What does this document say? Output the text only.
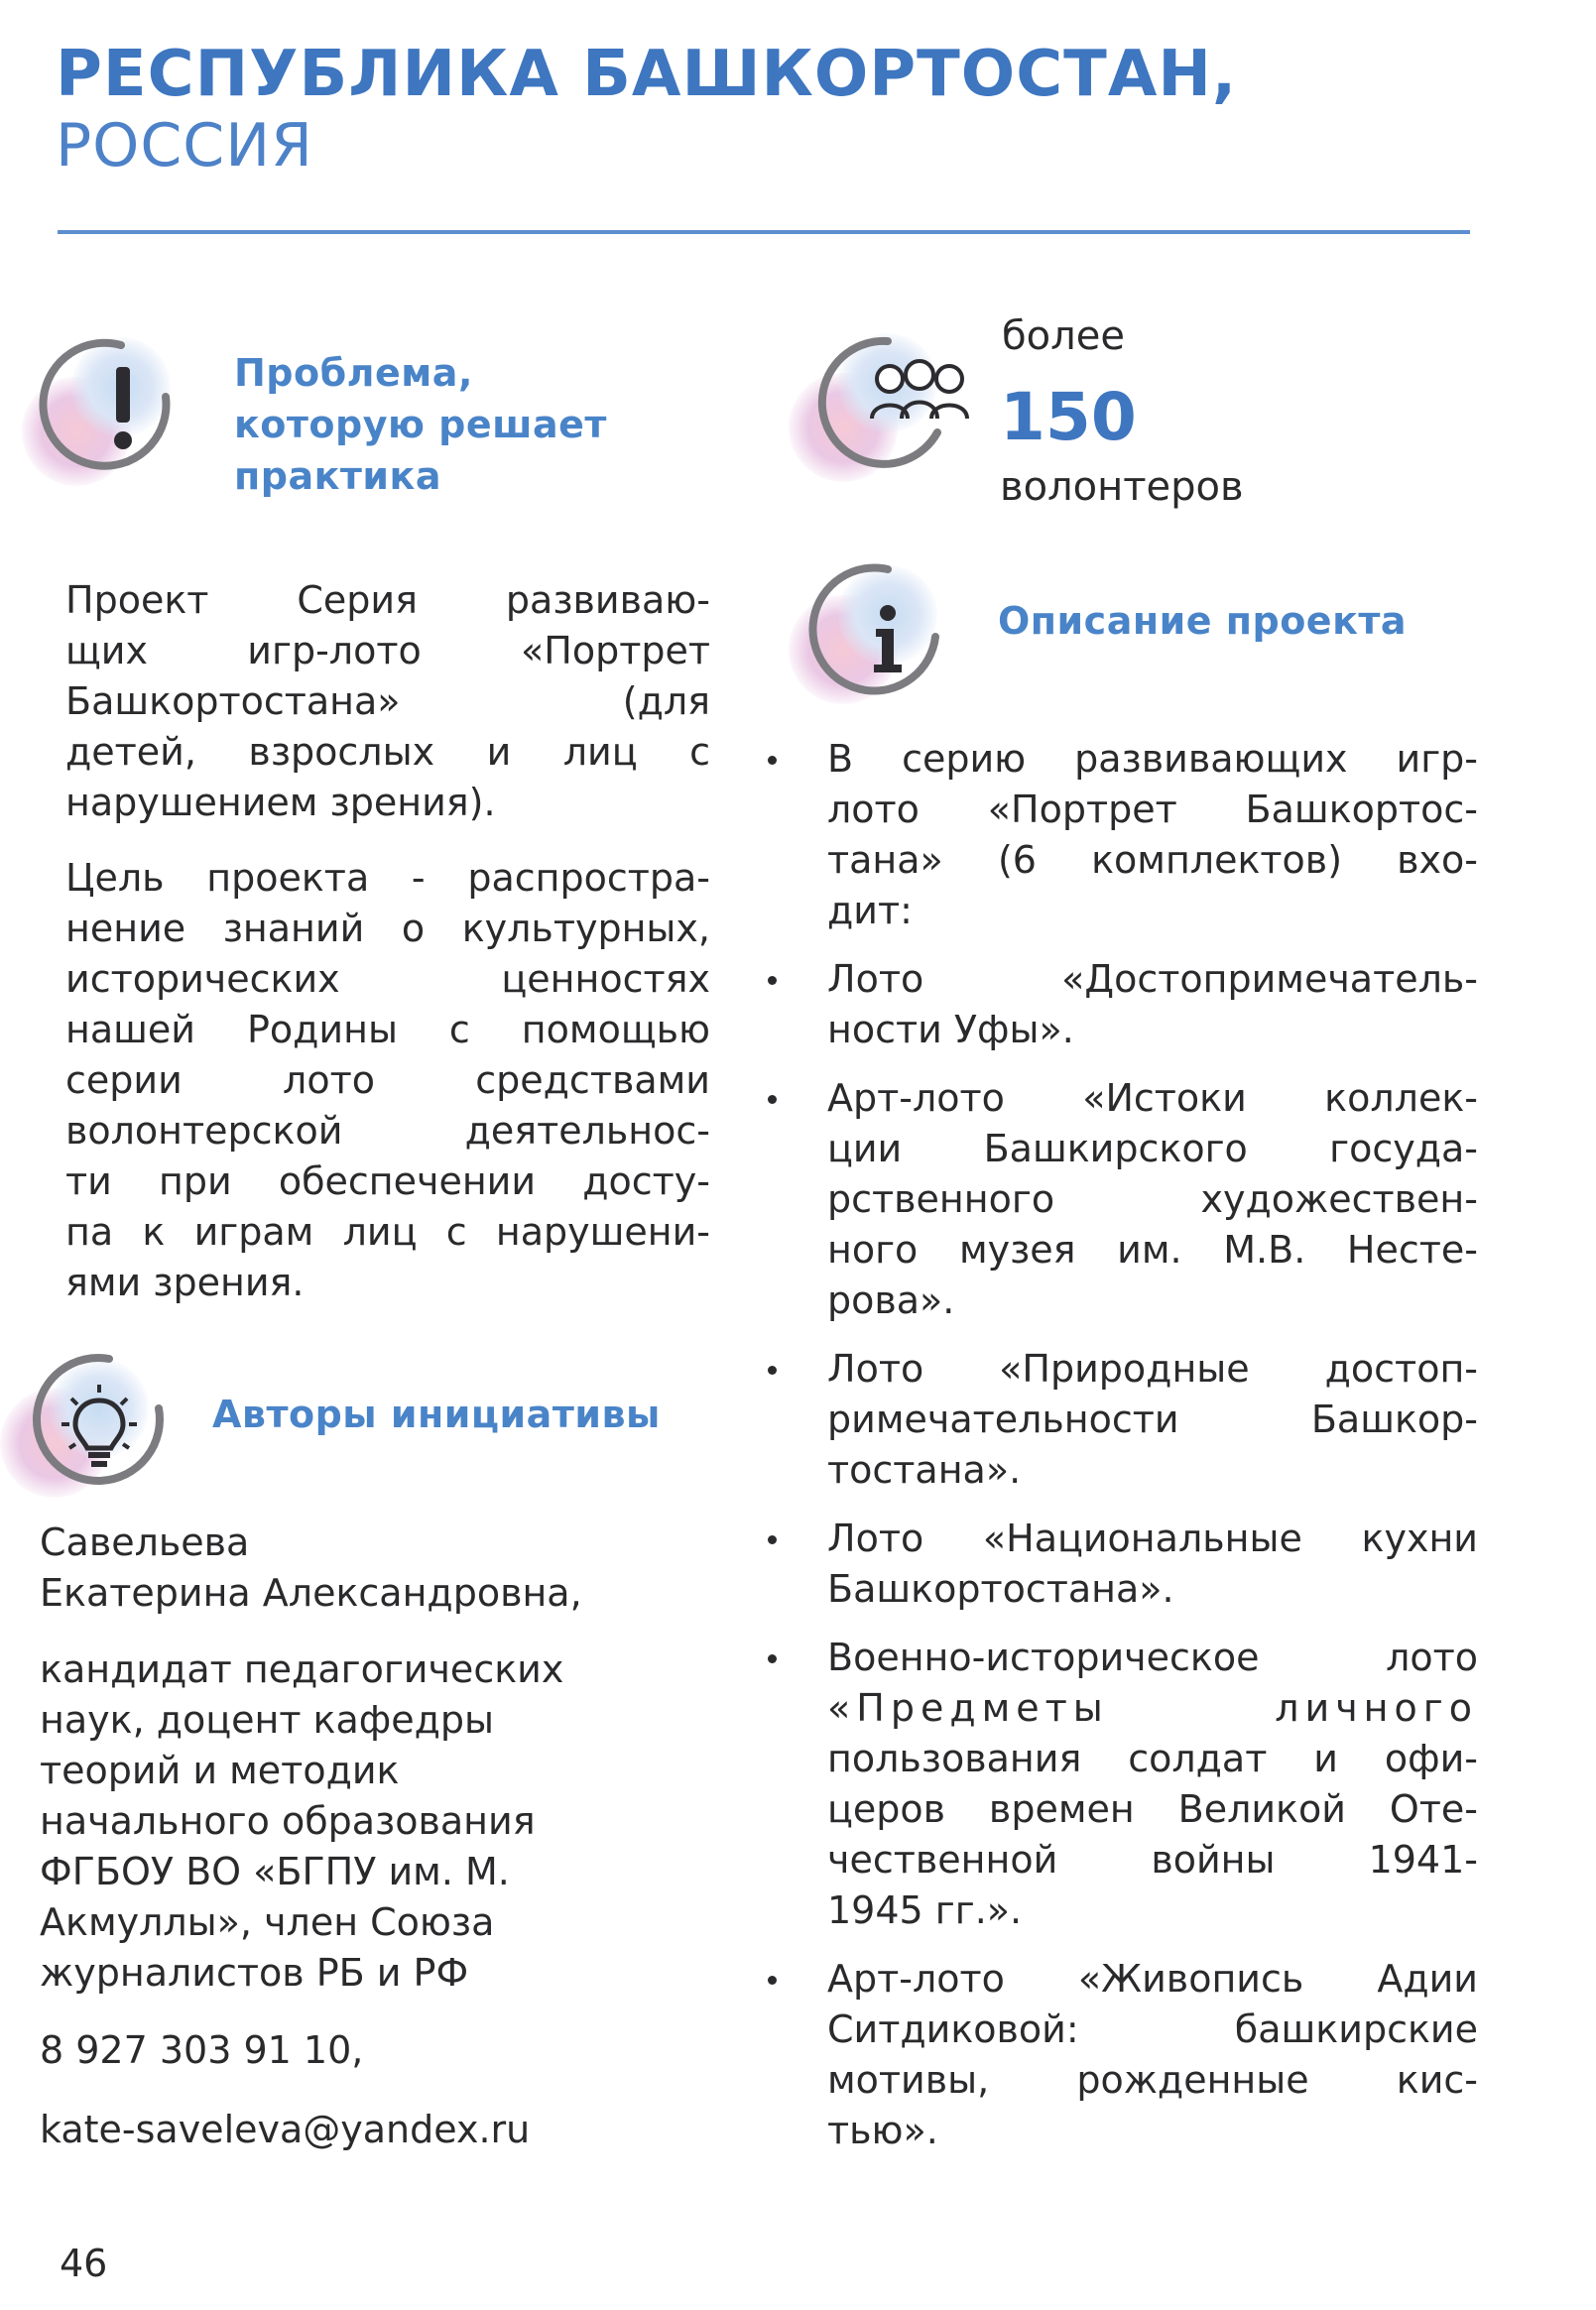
РЕСПУБЛИКА БАШКОРТОСТАН,
РОССИЯ
Проблема,
которую решает
практика
Проект Серия развиваю-
щих игр-лото «Портрет
Башкортостана» (для
детей, взрослых и лиц с
нарушением зрения).
Цель проекта - распростра-
нение знаний о культурных,
исторических ценностях
нашей Родины с помощью
серии лото средствами
волонтерской деятельнос-
ти при обеспечении досту-
па к играм лиц с нарушени-
ями зрения.
Авторы инициативы
Савельева
Екатерина Александровна,
кандидат педагогических
наук, доцент кафедры
теорий и методик
начального образования
ФГБОУ ВО «БГПУ им. М.
Акмуллы», член Союза
журналистов РБ и РФ
8 927 303 91 10,
kate-saveleva@yandex.ru
более
150
волонтеров
Описание проекта
В серию развивающих игр-
лото «Портрет Башкортос-
тана» (6 комплектов) вхо-
дит:
Лото «Достопримечатель-
ности Уфы».
Арт-лото «Истоки коллек-
ции Башкирского госуда-
рственного художествен-
ного музея им. М.В. Несте-
рова».
Лото «Природные достоп-
римечательности Башкор-
тостана».
Лото «Национальные кухни
Башкортостана».
Военно-историческое лото
«Предметы личного
пользования солдат и офи-
церов времен Великой Оте-
чественной войны 1941-
1945 гг.».
Арт-лото «Живопись Адии
Ситдиковой: башкирские
мотивы, рожденные кис-
тью».
46
